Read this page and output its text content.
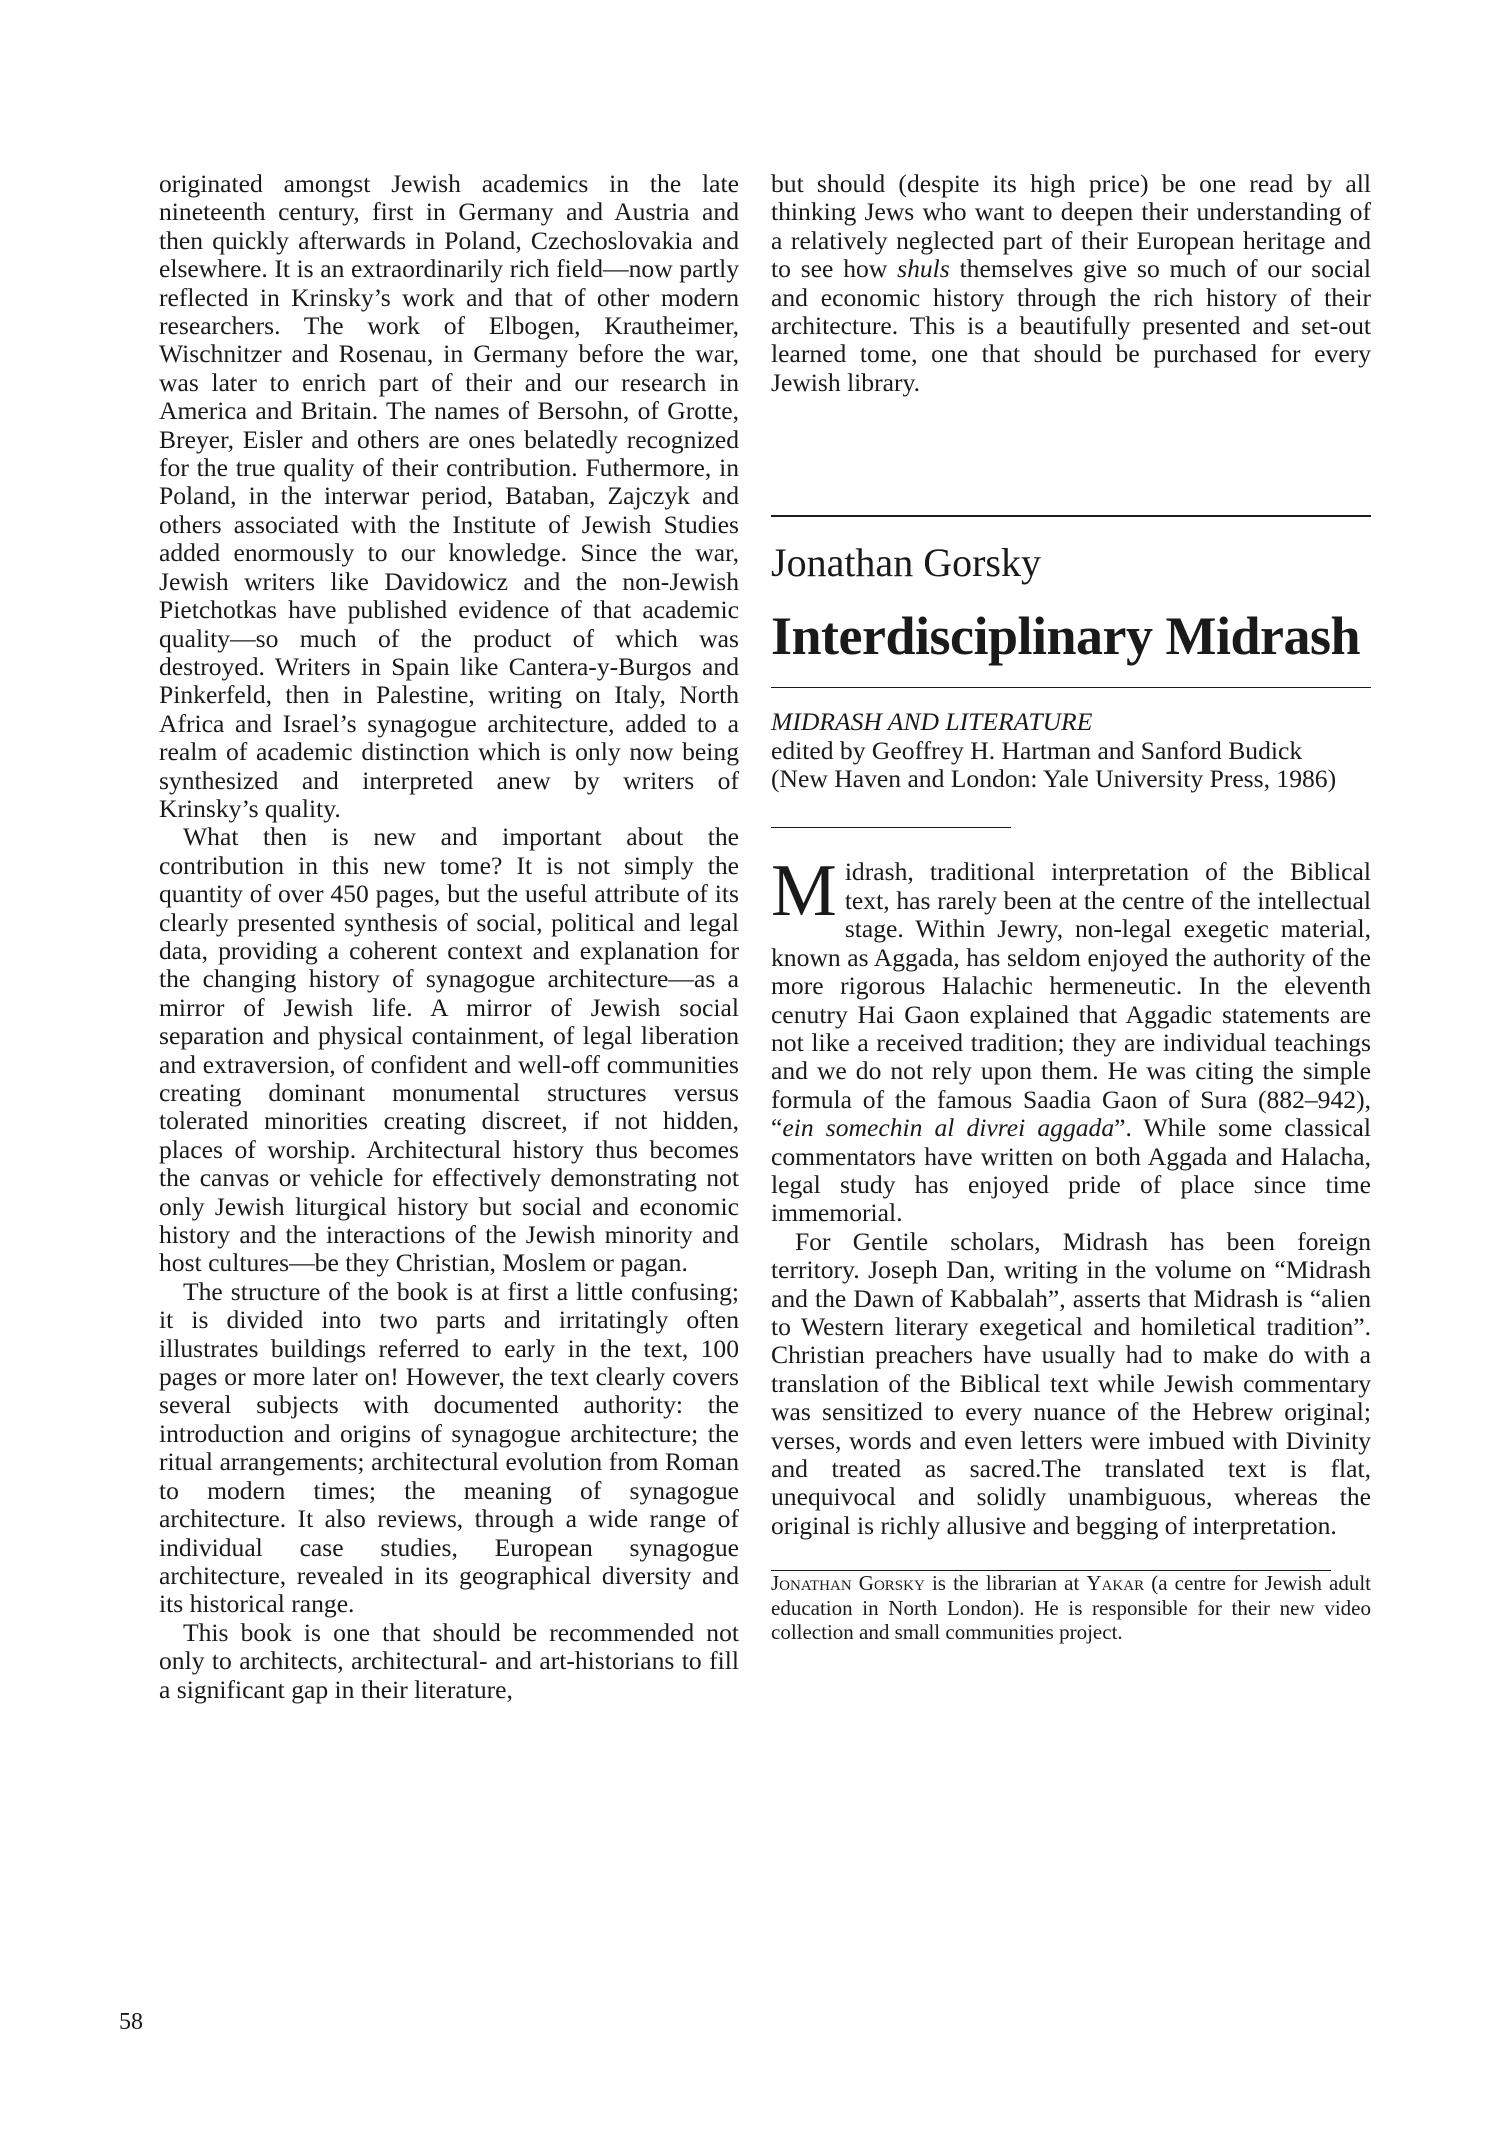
originated amongst Jewish academics in the late nineteenth century, first in Germany and Austria and then quickly afterwards in Poland, Czechoslovakia and elsewhere. It is an extraordinarily rich field—now partly reflected in Krinsky’s work and that of other modern researchers. The work of Elbogen, Krautheimer, Wischnitzer and Rosenau, in Germany before the war, was later to enrich part of their and our research in America and Britain. The names of Bersohn, of Grotte, Breyer, Eisler and others are ones belatedly recognized for the true quality of their contribution. Futhermore, in Poland, in the interwar period, Bataban, Zajczyk and others associated with the Institute of Jewish Studies added enormously to our knowledge. Since the war, Jewish writers like Davidowicz and the non-Jewish Pietchotkas have published evidence of that academic quality—so much of the product of which was destroyed. Writers in Spain like Cantera-y-Burgos and Pinkerfeld, then in Palestine, writing on Italy, North Africa and Israel’s synagogue architecture, added to a realm of academic distinction which is only now being synthesized and interpreted anew by writers of Krinsky’s quality.

What then is new and important about the contribution in this new tome? It is not simply the quantity of over 450 pages, but the useful attribute of its clearly presented synthesis of social, political and legal data, providing a coherent context and explanation for the changing history of synagogue architecture—as a mirror of Jewish life. A mirror of Jewish social separation and physical containment, of legal liberation and extraversion, of confident and well-off communities creating dominant monumental structures versus tolerated minorities creating discreet, if not hidden, places of worship. Architectural history thus becomes the canvas or vehicle for effectively demonstrating not only Jewish liturgical history but social and economic history and the interactions of the Jewish minority and host cultures—be they Christian, Moslem or pagan.

The structure of the book is at first a little confusing; it is divided into two parts and irritatingly often illustrates buildings referred to early in the text, 100 pages or more later on! However, the text clearly covers several subjects with documented authority: the introduction and origins of synagogue architecture; the ritual arrangements; architectural evolution from Roman to modern times; the meaning of synagogue architecture. It also reviews, through a wide range of individual case studies, European synagogue architecture, revealed in its geographical diversity and its historical range.

This book is one that should be recommended not only to architects, architectural- and art-historians to fill a significant gap in their literature,

but should (despite its high price) be one read by all thinking Jews who want to deepen their understanding of a relatively neglected part of their European heritage and to see how shuls themselves give so much of our social and economic history through the rich history of their architecture. This is a beautifully presented and set-out learned tome, one that should be purchased for every Jewish library.

Jonathan Gorsky
Interdisciplinary Midrash
MIDRASH AND LITERATURE
edited by Geoffrey H. Hartman and Sanford Budick
(New Haven and London: Yale University Press, 1986)

Midrash, traditional interpretation of the Biblical text, has rarely been at the centre of the intellectual stage. Within Jewry, non-legal exegetic material, known as Aggada, has seldom enjoyed the authority of the more rigorous Halachic hermeneutic. In the eleventh cenutry Hai Gaon explained that Aggadic statements are not like a received tradition; they are individual teachings and we do not rely upon them. He was citing the simple formula of the famous Saadia Gaon of Sura (882–942), “ein somechin al divrei aggada”. While some classical commentators have written on both Aggada and Halacha, legal study has enjoyed pride of place since time immemorial.

For Gentile scholars, Midrash has been foreign territory. Joseph Dan, writing in the volume on “Midrash and the Dawn of Kabbalah”, asserts that Midrash is “alien to Western literary exegetical and homiletical tradition”. Christian preachers have usually had to make do with a translation of the Biblical text while Jewish commentary was sensitized to every nuance of the Hebrew original; verses, words and even letters were imbued with Divinity and treated as sacred.The translated text is flat, unequivocal and solidly unambiguous, whereas the original is richly allusive and begging of interpretation.

Jonathan Gorsky is the librarian at Yakar (a centre for Jewish adult education in North London). He is responsible for their new video collection and small communities project.

58
